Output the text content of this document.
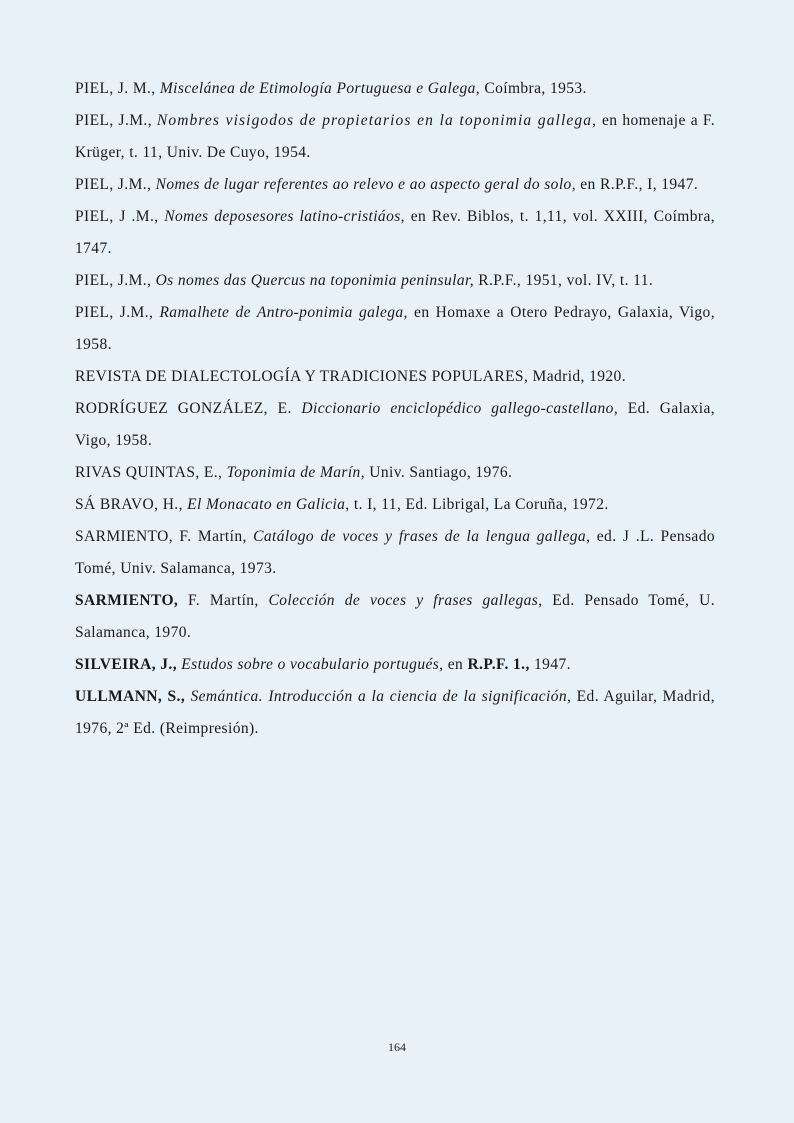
PIEL, J. M., Miscelánea de Etimología Portuguesa e Galega, Coímbra, 1953.

PIEL, J.M., Nombres visigodos de propietarios en la toponimia gallega, en homenaje a F. Krüger, t. 11, Univ. De Cuyo, 1954.

PIEL, J.M., Nomes de lugar referentes ao relevo e ao aspecto geral do solo, en R.P.F., I, 1947.

PIEL, J .M., Nomes deposesores latino-cristiáos, en Rev. Biblos, t. 1,11, vol. XXIII, Coímbra, 1747.

PIEL, J.M., Os nomes das Quercus na toponimia peninsular, R.P.F., 1951, vol. IV, t. 11.

PIEL, J.M., Ramalhete de Antro-ponimia galega, en Homaxe a Otero Pedrayo, Galaxia, Vigo, 1958.

REVISTA DE DIALECTOLOGÍA Y TRADICIONES POPULARES, Madrid, 1920.

RODRÍGUEZ GONZÁLEZ, E. Diccionario enciclopédico gallego-castellano, Ed. Galaxia, Vigo, 1958.

RIVAS QUINTAS, E., Toponimia de Marín, Univ. Santiago, 1976.

SÁ BRAVO, H., El Monacato en Galicia, t. I, 11, Ed. Librigal, La Coruña, 1972.

SARMIENTO, F. Martín, Catálogo de voces y frases de la lengua gallega, ed. J .L. Pensado Tomé, Univ. Salamanca, 1973.

SARMIENTO, F. Martín, Colección de voces y frases gallegas, Ed. Pensado Tomé, U. Salamanca, 1970.

SILVEIRA, J., Estudos sobre o vocabulario portugués, en R.P.F. 1., 1947.

ULLMANN, S., Semántica. Introducción a la ciencia de la significación, Ed. Aguilar, Madrid, 1976, 2ª Ed. (Reimpresión).

164
